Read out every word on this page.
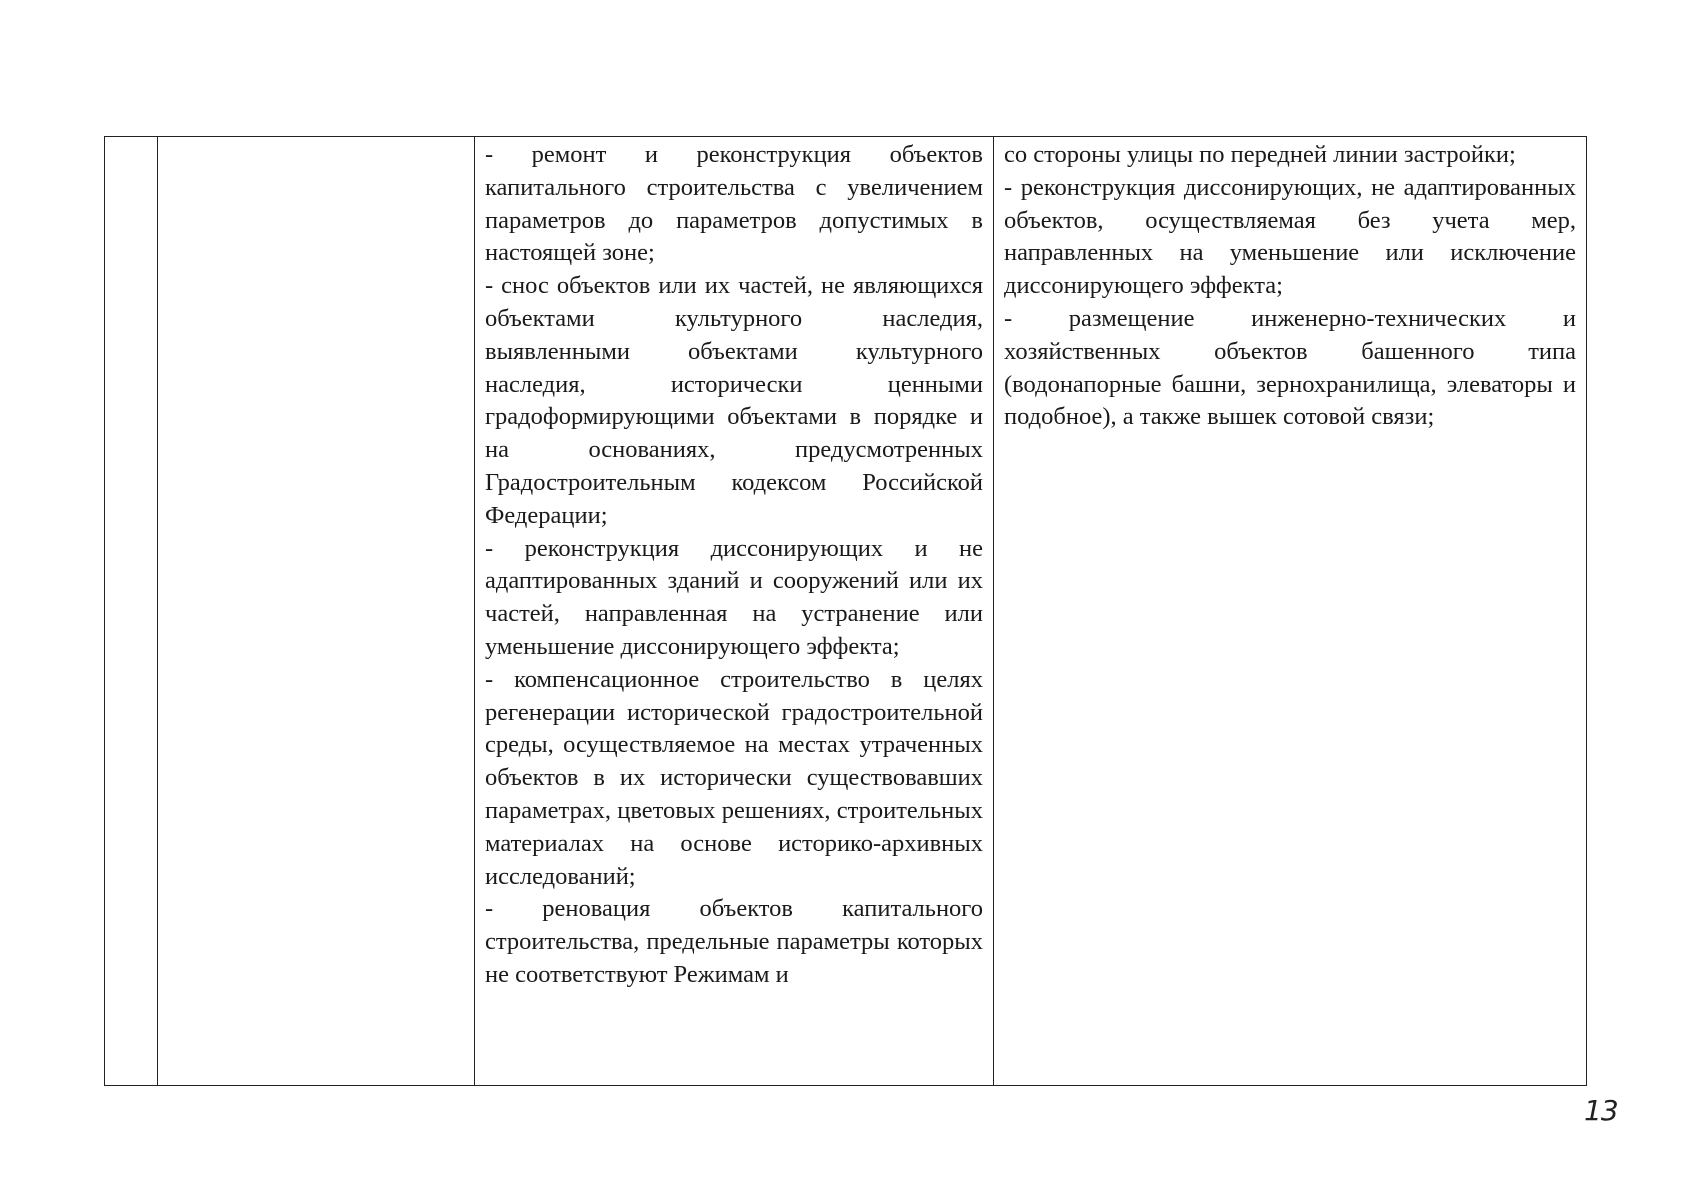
- ремонт и реконструкция объектов капитального строительства с увеличением параметров до параметров допустимых в настоящей зоне;
- снос объектов или их частей, не являющихся объектами культурного наследия, выявленными объектами культурного наследия, исторически ценными градоформирующими объектами в порядке и на основаниях, предусмотренных Градостроительным кодексом Российской Федерации;
- реконструкция диссонирующих и не адаптированных зданий и сооружений или их частей, направленная на устранение или уменьшение диссонирующего эффекта;
- компенсационное строительство в целях регенерации исторической градостроительной среды, осуществляемое на местах утраченных объектов в их исторически существовавших параметрах, цветовых решениях, строительных материалах на основе историко-архивных исследований;
- реновация объектов капитального строительства, предельные параметры которых не соответствуют Режимам и

со стороны улицы по передней линии застройки;
- реконструкция диссонирующих, не адаптированных объектов, осуществляемая без учета мер, направленных на уменьшение или исключение диссонирующего эффекта;
- размещение инженерно-технических и хозяйственных объектов башенного типа (водонапорные башни, зернохранилища, элеваторы и подобное), а также вышек сотовой связи;

13
